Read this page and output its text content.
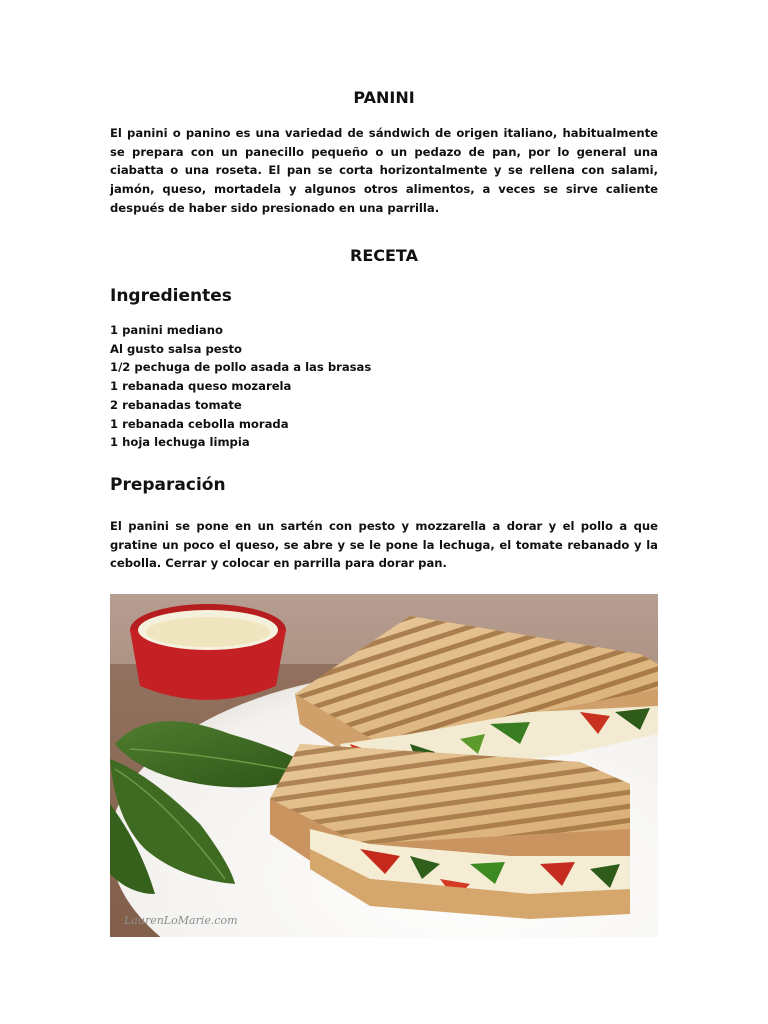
PANINI

El panini o panino es una variedad de sándwich de origen italiano, habitualmente se prepara con un panecillo pequeño o un pedazo de pan, por lo general una ciabatta o una roseta. El pan se corta horizontalmente y se rellena con salami, jamón, queso, mortadela y algunos otros alimentos, a veces se sirve caliente después de haber sido presionado en una parrilla.

RECETA
Ingredientes
1 panini mediano
Al gusto salsa pesto
1/2 pechuga de pollo asada a las brasas
1 rebanada queso mozarela
2 rebanadas tomate
1 rebanada cebolla morada
1 hoja lechuga limpia
Preparación

El panini se pone en un sartén con pesto y mozzarella a dorar y el pollo a que gratine un poco el queso, se abre y se le pone la lechuga, el tomate rebanado y la cebolla. Cerrar y colocar en parrilla para dorar pan.

LaurenLoMarie.com
